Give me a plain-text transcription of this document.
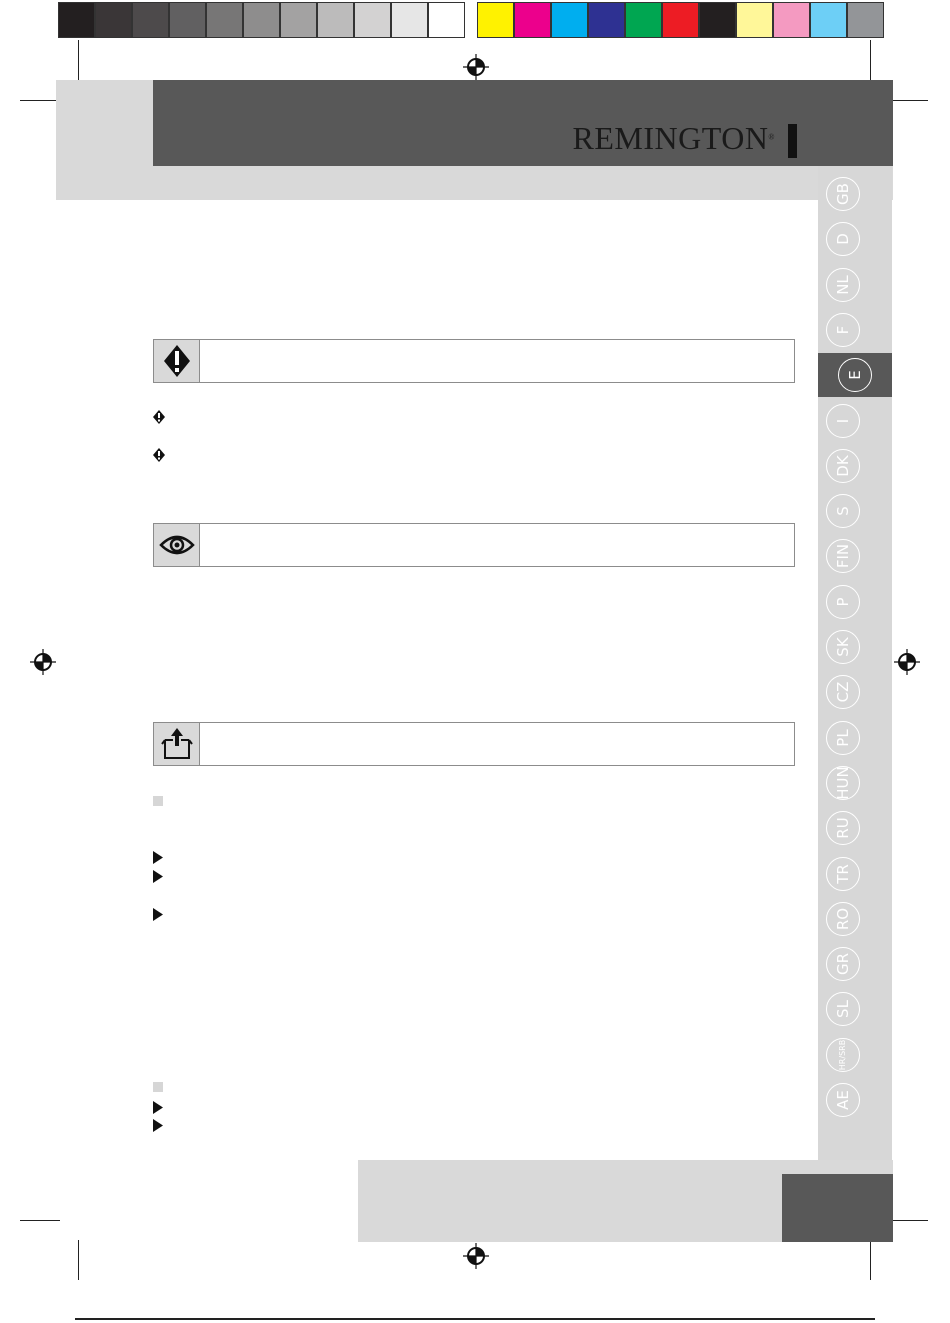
REMINGTON®
GB
D
NL
F
E
I
DK
S
FIN
P
SK
CZ
PL
HUN
RU
TR
RO
GR
SL
HR/SRB
AE
